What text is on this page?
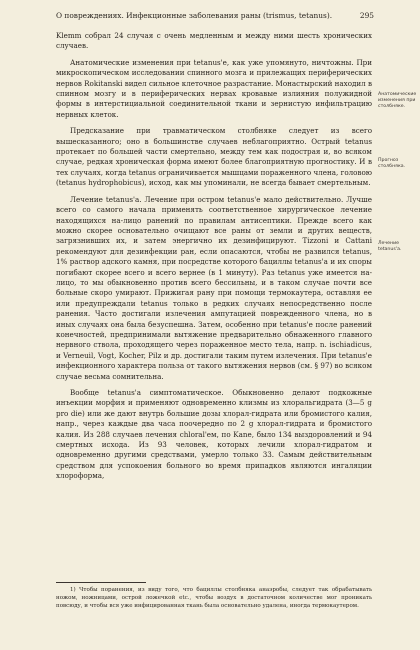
О повреждениях. Инфекционные заболевания раны (trismus, tetanus).	295

Klemm собрал 24 случая с очень медленным и между ними шесть хронических случаев.

Анатомические изменения при tetanus'е, как уже упомянуто, ничтожны. При микроскопическом исследовании спинного мозга и прилежащих периферических нервов Rokitanski видел сильное клеточное разрастание. Монастырский находил в спинном мозгу и в периферических нервах кровавые излияния полужидной формы в интерстициальной соединительной ткани и зернистую инфильтрацию нервных клеток.

Предсказание при травматическом столбняке следует из всего вышесказанного; оно в большинстве случаев неблагоприятно. Острый tetanus протекает по большей части смертельно, между тем как подострая и, во всяком случае, редкая хроническая форма имеют более благоприятную прогностику. И в тех случаях, когда tetanus ограничивается мышцами пораженного члена, головою (tetanus hydrophobicus), исход, как мы упоминали, не всегда бывает смертельным.

Лечение tetanus'а. Лечение при остром tetanus'е мало действительно. Лучше всего со самого начала применять соответственное хирургическое лечение находящихся на-лицо ранений по правилам антисептики. Прежде всего как можно скорее основательно очищают все раны от земли и других веществ, загрязнивших их, и затем энергично их дезинфицируют. Tizzoni и Cattani рекомендуют для дезинфекции ран, если опасаются, чтобы не развился tetanus, 1% раствор адского камня, при посредстве которого бациллы tetanus'а и их споры погибают скорее всего и всего вернее (в 1 минуту). Раз tetanus уже имеется на-лицо, то мы обыкновенно против всего бессильны, и в таком случае почти все больные скоро умирают. Прижигая рану при помощи термокаутера, оставляя ее или предупреждали tetanus только в редких случаях непосредственно после ранения. Часто достигали излечения ампутацией поврежденного члена, но в иных случаях она была безуспешна. Затем, особенно при tetanus'е после ранений конечностей, предпринимали вытяжение предварительно обнаженного главного нервного ствола, проходящего через пораженное место тела, напр. n. ischiadicus, и Verneuil, Vogt, Kocher, Pilz и др. достигали таким путем излечения. При tetanus'е инфекционного характера польза от такого вытяжения нервов (см. § 97) во всяком случае весьма сомнительна.

Вообще tetanus'а симптоматическое. Обыкновенно делают подкожные инъекции морфия и применяют одновременно клизмы из хлоральгидрата (3—5 g pro die) или же дают внутрь большие дозы хлорал-гидрата или бромистого калия, напр., через каждые два часа поочередно по 2 g хлорал-гидрата и бромистого калия. Из 288 случаев лечения chloral'ем, по Kane, было 134 выздоровлений и 94 смертных исхода. Из 93 человек, которых лечили хлорал-гидратом и одновременно другими средствами, умерло только 33. Самым действительным средством для успокоения больного во время припадков являются ингаляции хлороформа,

Анатомические изменения при столбняке.
Прогноз столбняка.
Лечение tetanus'а.
1) Чтобы поранения, из виду того, что бациллы столбняка анаэробы, следует так обрабатывать ножом, ножницами, острой ложечкой etc., чтобы воздух в достаточном количестве мог проникать повсюду, и чтобы вся уже инфицированная ткань была основательно удалена, иногда термокаутером.
